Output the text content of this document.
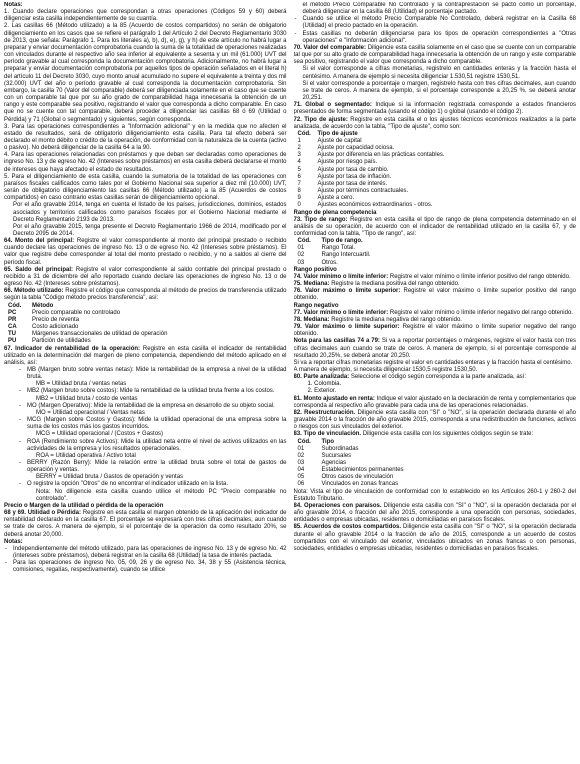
Notas:

1. Cuando declare operaciones que correspondan a otras operaciones (Códigos 59 y 60) deberá diligenciar esta casilla independientemente de su cuantía.

2. Las casillas 66 (Método utilizado) a la 85 (Acuerdo de costos compartidos) no serán de obligatorio diligenciamiento en los casos que se refiere el parágrafo 1 del Artículo 2 del Decreto Reglamentario 3030 de 2013, que señala: Parágrafo 1. Para los literales a), b), d), e), g), y h) de este artículo no habrá lugar a preparar y enviar documentación comprobatoria cuando la suma de la totalidad de operaciones realizadas con vinculados durante el respectivo año sea inferior al equivalente a sesenta y un mil (61.000) UVT del período gravable al cual corresponda la documentación comprobatoria. Adicionalmente, no habrá lugar a preparar y enviar documentación comprobatoria por aquellos tipos de operación señalados en el literal h) del artículo 11 del Decreto 3030, cuyo monto anual acumulado no supere el equivalente a treinta y dos mil (32.000) UVT del año o período gravable al cual corresponda la documentación comprobatoria. Sin embargo, la casilla 70 (Valor del comparable) deberá ser diligenciada solamente en el caso que se cuente con un comparable tal que por su año grado de comparabilidad haga innecesaria la obtención de un rango y este comparable sea positivo, registrando el valor que corresponda a dicho comparable. En caso que no se cuente con tal comparable, deberá proceder a diligenciar las casillas 68 ó 69 (Utilidad o Pérdida) y 71 (Global o segmentado) y siguientes, según corresponda.

3. Para las operaciones correspondientes a "Información adicional" y en la medida que no afecten el estado de resultados, será de obligatorio diligenciamiento esta casilla. Para tal efecto deberá ser declarado el monto débito o crédito de la operación, de conformidad con la naturaleza de la cuenta (activo o pasivo). No deberá diligenciar de la casilla 64 a la 90.

4. Para las operaciones relacionadas con préstamos y que deban ser declaradas como operaciones de ingreso No. 13 y de egreso No. 42 (Intereses sobre préstamos) en esta casilla deberá declararse el monto de intereses que haya afectado el estado de resultados.

5. Para el diligenciamiento de esta casilla, cuando la sumatoria de la totalidad de las operaciones con paraísos fiscales calificados como tales por el Gobierno Nacional sea superior a diez mil (10.000) UVT, serán de obligatorio diligenciamiento las casillas 66 (Método utilizado) a la 85 (Acuerdos de costos compartidos) en caso contrario estas casillas serán de diligenciamiento opcional.

Por el año gravable 2014, tenga en cuenta el listado de los países, jurisdicciones, dominios, estados asociados y territorios calificados como paraísos fiscales por el Gobierno Nacional mediante el Decreto Reglamentario 2193 de 2013.

Por el año gravable 2015, tenga presente el Decreto Reglamentario 1966 de 2014, modificado por el Decreto 2095 de 2014.

64. Monto del principal: Registre el valor correspondiente al monto del principal prestado o recibido cuando declare las operaciones de ingreso No. 13 o de egreso No. 42 (Intereses sobre préstamos). El valor que registre debe corresponder al total del monto prestado o recibido, y no a saldos al cierre del período fiscal.

65. Saldo del principal: Registre el valor correspondiente al saldo contable del principal prestado o recibido a 31 de diciembre del año reportado cuando declare las operaciones de ingreso No. 13 o de egreso No. 42 (Intereses sobre préstamos).

66. Método utilizado: Registre el código que corresponda al método de precios de transferencia utilizado según la tabla "Código método precios transferencia", así:

Cód.	Método
PC	Precio comparable no controlado
PR	Precio de reventa
CA	Costo adicionado
TU	Márgenes transaccionales de utilidad de operación
PU	Partición de utilidades

67. Indicador de rentabilidad de la operación: Registre en esta casilla el indicador de rentabilidad utilizado en la determinación del margen de pleno competencia, dependiendo del método aplicado en el análisis, así:

- MB (Margen bruto sobre ventas netas): Mide la rentabilidad de la empresa a nivel de la utilidad bruta.
MB = Utilidad bruta / ventas netas
- MB2 (Margen bruto sobre costos): Mide la rentabilidad de la utilidad bruta frente a los costos.
MB2 = Utilidad bruta / costo de ventas
- MO (Margen Operativo): Mide la rentabilidad de la empresa en desarrollo de su objeto social.
MO = Utilidad operacional / Ventas netas
- MCG (Margen sobre Costos y Gastos): Mide la utilidad operacional de una empresa sobre la suma de los costos más los gastos incurridos.
MCG = Utilidad operacional / (Costos + Gastos)
- ROA (Rendimiento sobre Activos): Mide la utilidad neta entre el nivel de activos utilizados en las actividades de la empresa y los resultados operacionales.
ROA = Utilidad operativa / Activo total
- BERRY (Razón Berry): Mide la relación entre la utilidad bruta sobre el total de gastos de operación y ventas.
BERRY = Utilidad bruta / Gastos de operación y ventas
- O registre la opción "Otros" de no encontrar el indicador utilizado en la lista.
Nota: No diligencie esta casilla cuando utilice el método PC "Precio comparable no controlado".

Precio o Margen de la utilidad o pérdida de la operación

68 y 69. Utilidad o Pérdida: Registre en esta casilla el margen obtenido de la aplicación del indicador de rentabilidad declarado en la casilla 67. El porcentaje se expresará con tres cifras decimales, aun cuando se trate de ceros. A manera de ejemplo, si el porcentaje de la operación da como resultado 20%, se deberá anotar 20,000.

Notas:

- Independientemente del método utilizado, para las operaciones de ingreso No. 13 y de egreso No. 42 (intereses sobre préstamos), deberá registrar en la casilla 68 (Utilidad) la tasa de interés pactada.
- Para las operaciones de ingreso No. 05, 09, 26 y de egreso No. 34, 38 y 55 (Asistencia técnica, comisiones, regalías, respectivamente), cuando se utilice

el método Precio Comparable No Controlado y la contraprestación se pactó como un porcentaje, deberá diligenciar en la casilla 68 (Utilidad) el porcentaje pactado.

- Cuando se utilice el método Precio Comparable No Controlado, deberá registrar en la Casilla 68 (Utilidad) el precio pactado en la operación.
- Estas casillas no deberán diligenciarse para los tipos de operación correspondientes a "Otras operaciones" e "Información adicional".

70. Valor del comparable: Diligencie esta casilla solamente en el caso que se cuente con un comparable tal que por su alto grado de comparabilidad haga innecesaria la obtención de un rango y este comparable sea positivo, registrando el valor que corresponda a dicho comparable.

Si el valor corresponde a cifras monetarias, registrelo en cantidades enteras y la fracción hasta el centésimo. A manera de ejemplo si necesita diligenciar 1.530,51 registre 1530,51.

Si el valor corresponde a porcentaje o margen, registrelo hasta con tres cifras decimales, aun cuando se trate de ceros. A manera de ejemplo, si el porcentaje corresponde a 20,25 %, se deberá anotar 20,251.

71. Global o segmentado: Indique si la información registrada corresponde a estados financieros presentados de forma segmentada (usando el código 1) o global (usando el código 2).

72. Tipo de ajuste: Registre en esta casilla el o los ajustes técnicos económicos realizados a la parte analizada, de acuerdo con la tabla, "Tipo de ajuste", como son:

Cód.	Tipo de ajuste
1	Ajuste de capital
2	Ajuste por capacidad ociosa.
3	Ajuste por diferencia en las prácticas contables.
4	Ajuste por riesgo país.
5	Ajuste por tasa de cambio.
6	Ajuste por tasa de inflación.
7	Ajuste por tasa de interés.
8	Ajuste por términos contractuales.
9	Ajuste a cero.
0	Ajustes económicos extraordinarios - otros.

Rango de plena competencia

73. Tipo de rango: Registre en esta casilla el tipo de rango de plena competencia determinado en el análisis de su operación, de acuerdo con el indicador de rentabilidad utilizado en la casilla 67, y de conformidad con la tabla, "Tipo de rango", así:

Cód.	Tipo de rango.
01	Rango Total.
02	Rango Intercuartil.
03	Otros.

Rango positivo

74. Valor mínimo o límite inferior: Registre el valor mínimo o límite inferior positivo del rango obtenido.

75. Mediana: Registre la mediana positiva del rango obtenido.

76. Valor máximo o límite superior: Registre el valor máximo o límite superior positivo del rango obtenido.

Rango negativo

77. Valor mínimo o límite inferior: Registre el valor mínimo o límite inferior negativo del rango obtenido.

78. Mediana: Registre la mediana negativa del rango obtenido.

79. Valor máximo o límite superior: Registre el valor máximo o límite superior negativo del rango obtenido.

Nota para las casillas 74 a 79: Si va a reportar porcentajes o márgenes, registre el valor hasta con tres cifras decimales aun cuando se trate de ceros. A manera de ejemplo, si el porcentaje corresponde al resultado 20,25%, se deberá anotar 20,250.

Si va a reportar cifras monetarias registre el valor en cantidades enteras y la fracción hasta el centésimo.

A manera de ejemplo, si necesita diligenciar 1530,5 registre 1530,50.

80. Parte analizada: Seleccione el código según corresponda a la parte analizada, así:

1. Colombia.
2. Exterior.

81. Monto ajustado en renta: Indique el valor ajustado en la declaración de renta y complementarios que corresponda al respectivo año gravable para cada una de las operaciones relacionadas.

82. Reestructuración. Diligencie esta casilla con "SI" o "NO", si la operación declarada durante el año gravable 2014 o la fracción de año gravable 2015, corresponda a una redistribución de funciones, activos o riesgos con sus vinculados del exterior.

83. Tipo de vinculación. Diligencie esta casilla con los siguientes códigos según se trate:

Cód.	Tipo
01	Subordinadas
02	Sucursales
03	Agencias
04	Establecimientos permanentes
05	Otros casos de vinculación
06	Vinculados en zonas francas

Nota: Vista el tipo de vinculación de conformidad con lo establecido en los Artículos 260-1 y 260-2 del Estatuto Tributario.

84. Operaciones con paraísos. Diligencie esta casilla con "SI" o "NO", si la operación declarada por el año gravable 2014, o fracción del año 2015, corresponde a una operación con personas, sociedades, entidades o empresas ubicadas, residentes o domiciliadas en paraísos fiscales.

85. Acuerdos de costos compartidos. Diligencie esta casilla con "SI" o "NO", si la operación declarada durante el año gravable 2014 o la fracción de año de 2015, corresponde a un acuerdo de costos compartidos con el vinculado del exterior, vinculados ubicados en zonas francas o con personas, sociedades, entidades o empresas ubicadas, residentes o domiciliadas en paraísos fiscales.
